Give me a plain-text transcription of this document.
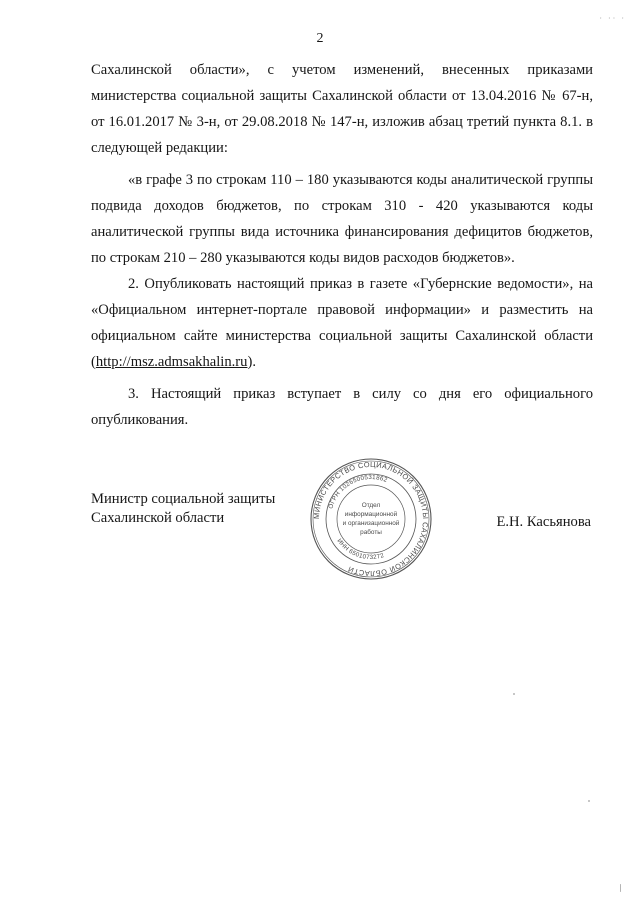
2
· ·· ·

Сахалинской области», с учетом изменений, внесенных приказами министерства социальной защиты Сахалинской области от 13.04.2016 № 67-н, от 16.01.2017 № 3-н, от 29.08.2018 № 147-н, изложив абзац третий пункта 8.1. в следующей редакции:

«в графе 3 по строкам 110 – 180 указываются коды аналитической группы подвида доходов бюджетов, по строкам 310 - 420 указываются коды аналитической группы вида источника финансирования дефицитов бюджетов, по строкам 210 – 280 указываются коды видов расходов бюджетов».

2. Опубликовать настоящий приказ в газете «Губернские ведомости», на «Официальном интернет-портале правовой информации» и разместить на официальном сайте министерства социальной защиты Сахалинской области (http://msz.admsakhalin.ru).

3. Настоящий приказ вступает в силу со дня его официального опубликования.

Министр социальной защиты
Сахалинской области	Е.Н. Касьянова
МИНИСТЕРСТВО СОЦИАЛЬНОЙ ЗАЩИТЫ САХАЛИНСКОЙ ОБЛАСТИ
ОГРН 1026500531862
ИНН 6501073272
Отдел
информационной
и организационной
работы
